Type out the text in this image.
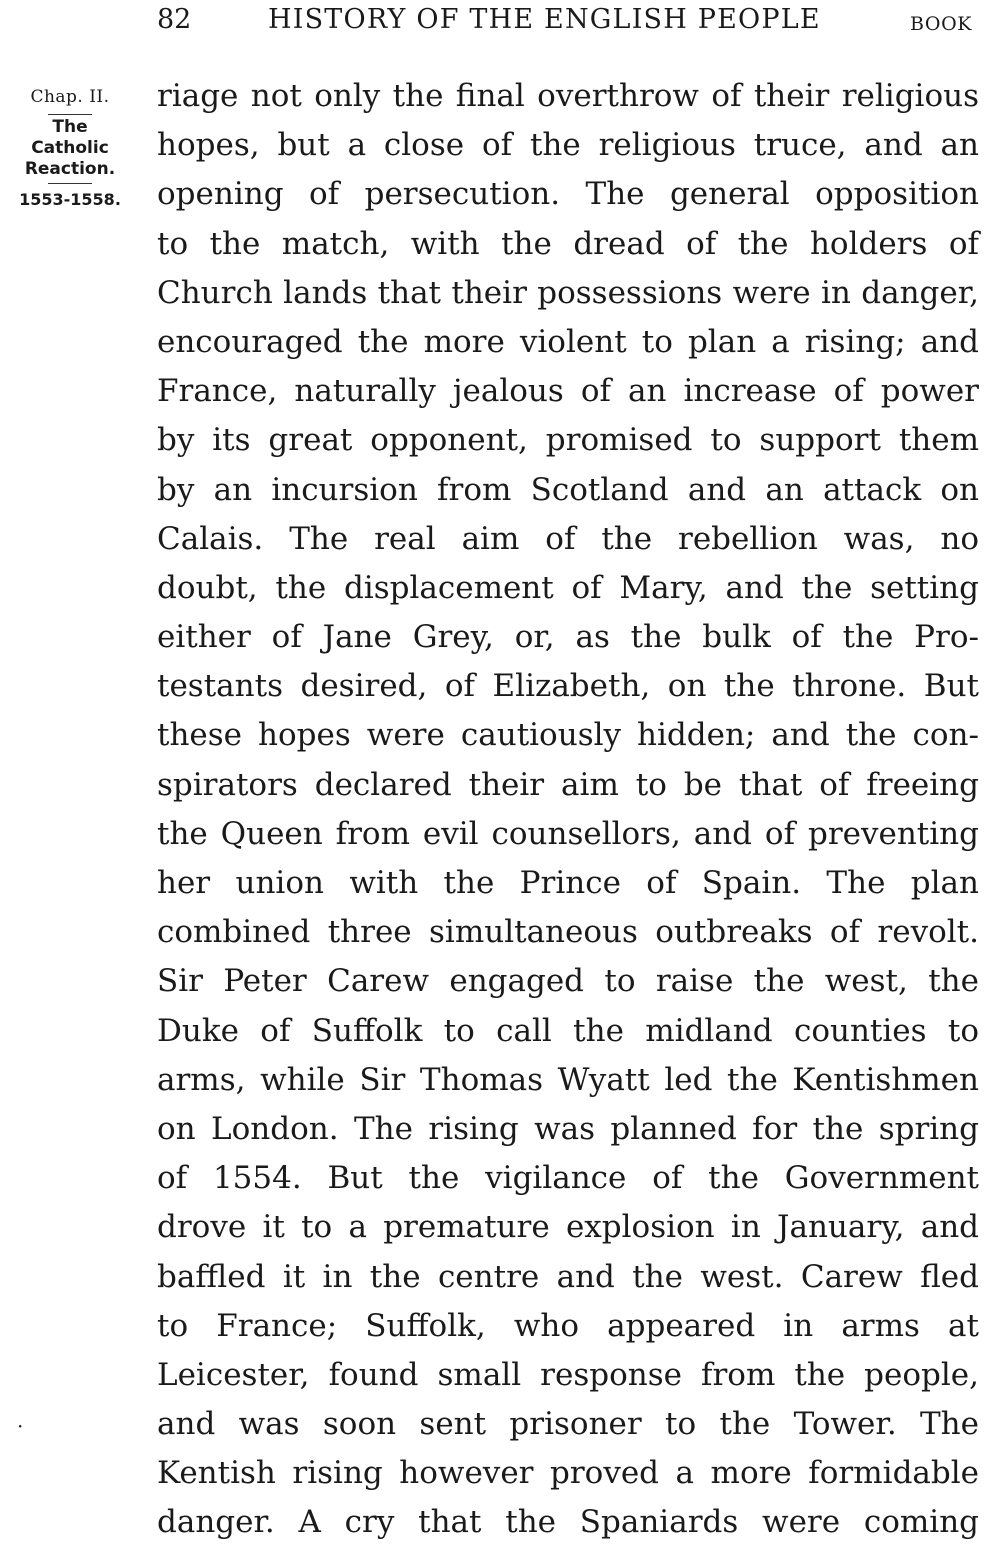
82	HISTORY OF THE ENGLISH PEOPLE	BOOK
Chap. II.
The
Catholic
Reaction.
1553-1558.
·
riage not only the final overthrow of their religious
hopes, but a close of the religious truce, and an
opening of persecution. The general opposition
to the match, with the dread of the holders of
Church lands that their possessions were in danger,
encouraged the more violent to plan a rising; and
France, naturally jealous of an increase of power
by its great opponent, promised to support them
by an incursion from Scotland and an attack on
Calais. The real aim of the rebellion was, no
doubt, the displacement of Mary, and the setting
either of Jane Grey, or, as the bulk of the Pro-
testants desired, of Elizabeth, on the throne. But
these hopes were cautiously hidden; and the con-
spirators declared their aim to be that of freeing
the Queen from evil counsellors, and of preventing
her union with the Prince of Spain. The plan
combined three simultaneous outbreaks of revolt.
Sir Peter Carew engaged to raise the west, the
Duke of Suffolk to call the midland counties to
arms, while Sir Thomas Wyatt led the Kentishmen
on London. The rising was planned for the spring
of 1554. But the vigilance of the Government
drove it to a premature explosion in January, and
baffled it in the centre and the west. Carew fled
to France; Suffolk, who appeared in arms at
Leicester, found small response from the people,
and was soon sent prisoner to the Tower. The
Kentish rising however proved a more formidable
danger. A cry that the Spaniards were coming
